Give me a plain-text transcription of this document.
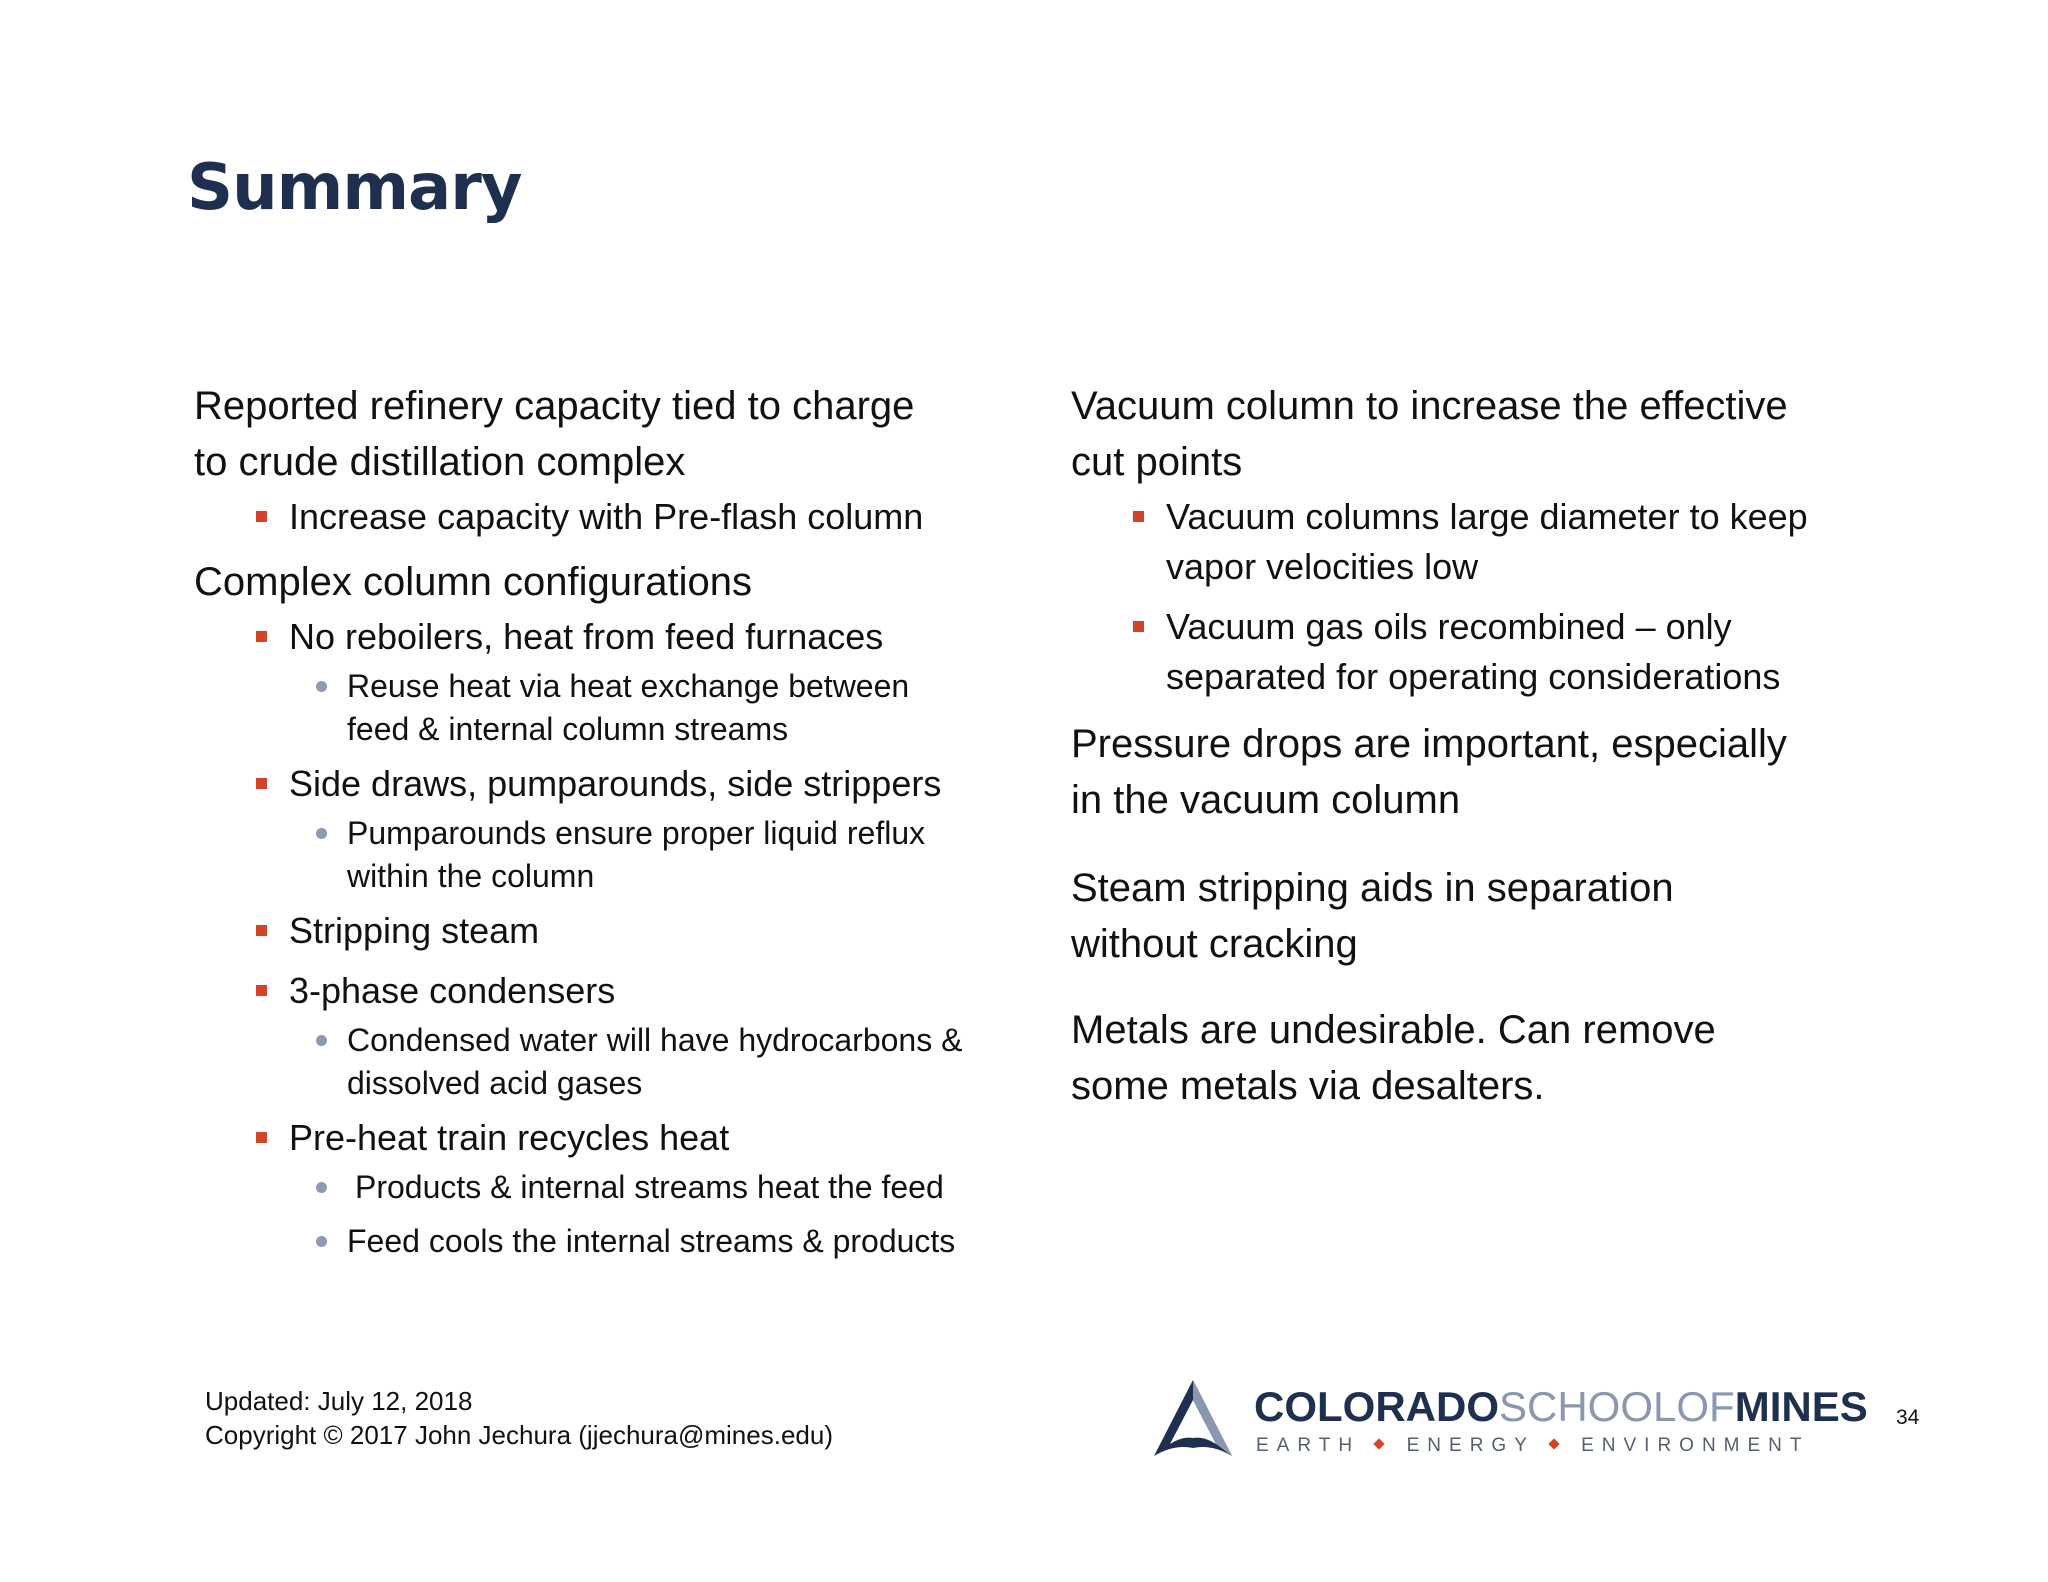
Summary
Reported refinery capacity tied to charge
to crude distillation complex
Increase capacity with Pre-flash column
Complex column configurations
No reboilers, heat from feed furnaces
Reuse heat via heat exchange between
feed & internal column streams
Side draws, pumparounds, side strippers
Pumparounds ensure proper liquid reflux
within the column
Stripping steam
3-phase condensers
Condensed water will have hydrocarbons &
dissolved acid gases
Pre-heat train recycles heat
Products & internal streams heat the feed
Feed cools the internal streams & products
Vacuum column to increase the effective
cut points
Vacuum columns large diameter to keep
vapor velocities low
Vacuum gas oils recombined – only
separated for operating considerations
Pressure drops are important, especially
in the vacuum column
Steam stripping aids in separation
without cracking
Metals are undesirable. Can remove
some metals via desalters.
Updated: July 12, 2018
Copyright © 2017 John Jechura (jjechura@mines.edu)
COLORADOSCHOOLOFMINES
EARTH ENERGY ENVIRONMENT
34
